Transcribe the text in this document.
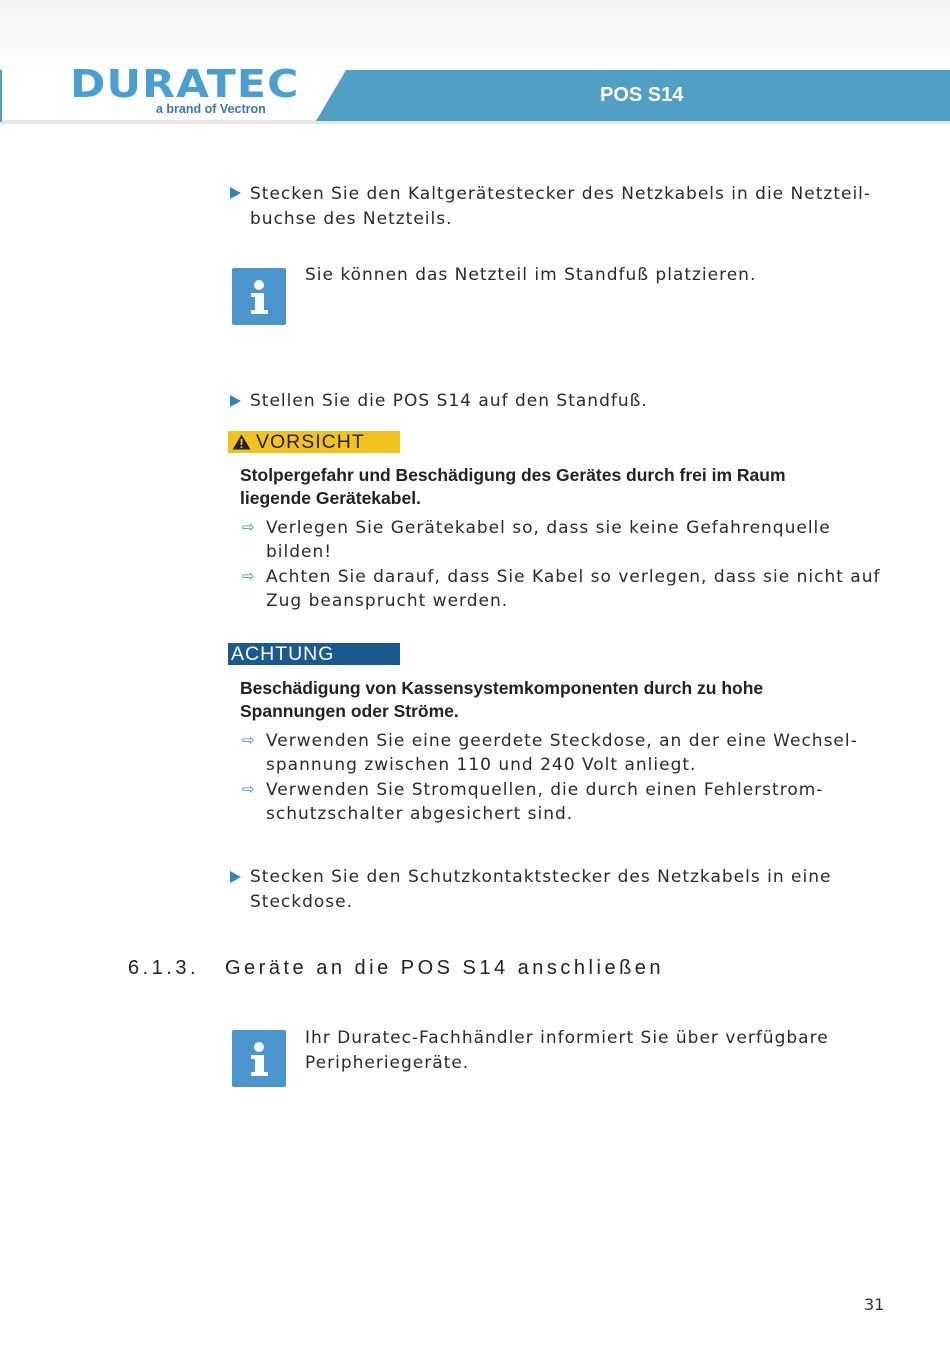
DURATEC
a brand of Vectron
POS S14
Stecken Sie den Kaltgerätestecker des Netzkabels in die Netzteil-
buchse des Netzteils.
Sie können das Netzteil im Standfuß platzieren.
Stellen Sie die POS S14 auf den Standfuß.
VORSICHT
Stolpergefahr und Beschädigung des Gerätes durch frei im Raum
liegende Gerätekabel.
⇨ Verlegen Sie Gerätekabel so, dass sie keine Gefahrenquelle
bilden!
⇨ Achten Sie darauf, dass Sie Kabel so verlegen, dass sie nicht auf
Zug beansprucht werden.
ACHTUNG
Beschädigung von Kassensystemkomponenten durch zu hohe
Spannungen oder Ströme.
⇨ Verwenden Sie eine geerdete Steckdose, an der eine Wechsel-
spannung zwischen 110 und 240 Volt anliegt.
⇨ Verwenden Sie Stromquellen, die durch einen Fehlerstrom-
schutzschalter abgesichert sind.
Stecken Sie den Schutzkontaktstecker des Netzkabels in eine
Steckdose.
6.1.3. Geräte an die POS S14 anschließen
Ihr Duratec-Fachhändler informiert Sie über verfügbare
Peripheriegeräte.
31
